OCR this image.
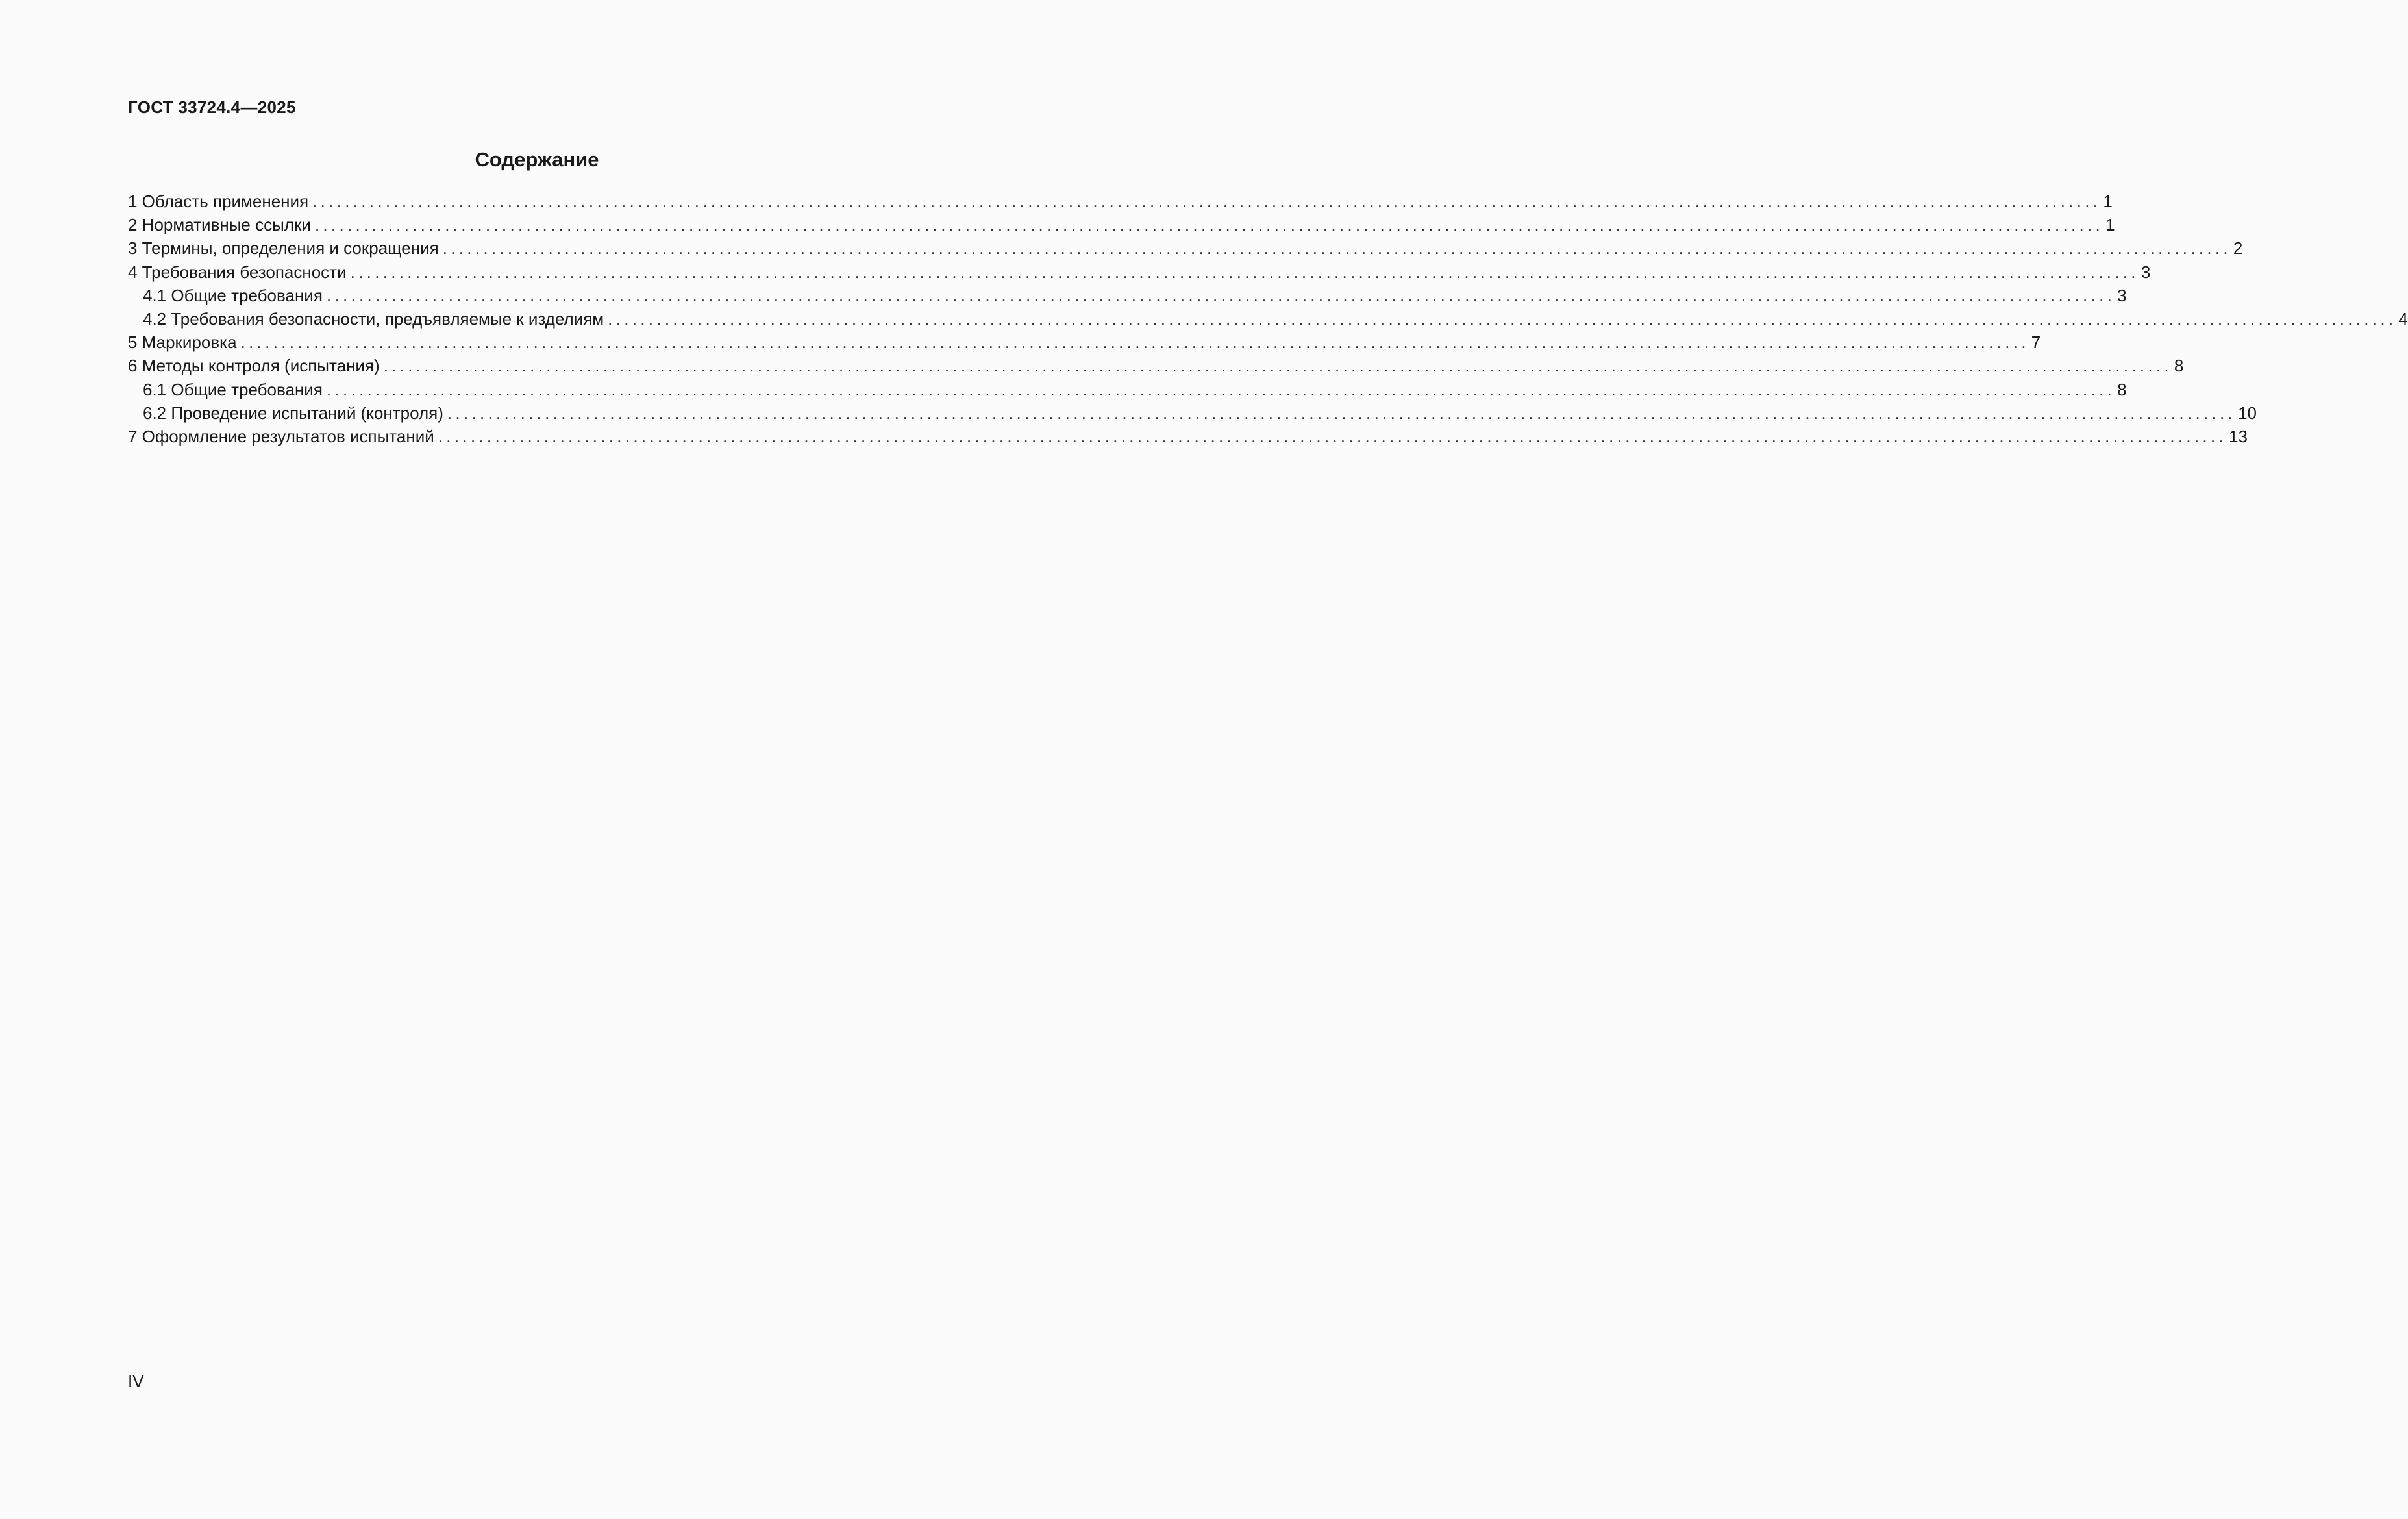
ГОСТ 33724.4—2025
Содержание
1 Область применения ............................................................................................................................................................................................................................ 1
2 Нормативные ссылки ............................................................................................................................................................................................................................ 1
3 Термины, определения и сокращения ............................................................................................................................................................................................................................ 2
4 Требования безопасности ............................................................................................................................................................................................................................ 3
4.1 Общие требования ............................................................................................................................................................................................................................ 3
4.2 Требования безопасности, предъявляемые к изделиям ............................................................................................................................................................................................................................ 4
5 Маркировка ............................................................................................................................................................................................................................ 7
6 Методы контроля (испытания) ............................................................................................................................................................................................................................ 8
6.1 Общие требования ............................................................................................................................................................................................................................ 8
6.2 Проведение испытаний (контроля) ............................................................................................................................................................................................................................ 10
7 Оформление результатов испытаний ............................................................................................................................................................................................................................ 13
IV
